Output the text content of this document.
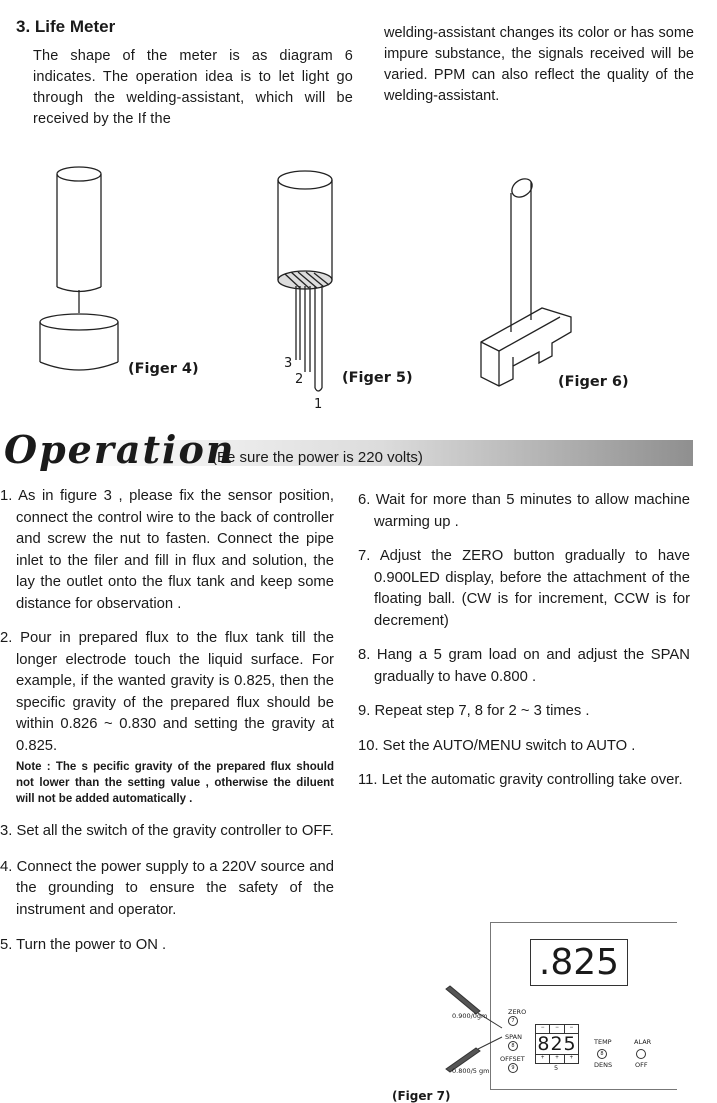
3. Life Meter
The shape of the meter is as diagram 6 indicates. The operation idea is to let light go through the welding-assistant, which will be received by the If the
welding-assistant changes its color or has some impure substance, the signals received will be varied. PPM can also reflect the quality of the welding-assistant.
(Figer 4)
(Figer 5)	(Figer 6)
3
2
1
Operation
(Be sure the power is 220 volts)

1. As in figure 3 , please fix the sensor position, connect the control wire to the back of controller and screw the nut to fasten. Connect the pipe inlet to the filer and fill in flux and solution, the lay the outlet onto the flux tank and keep some distance for observation .

2. Pour in prepared flux to the flux tank till the longer electrode touch the liquid surface. For example, if the wanted gravity is 0.825, then the specific gravity of the prepared flux should be within 0.826 ~ 0.830 and setting the gravity at 0.825.

Note : The s pecific gravity of the prepared flux should not lower than the setting value , otherwise the diluent will not be added automatically .

3. Set all the switch of the gravity controller to OFF.

4. Connect the power supply to a 220V source and the grounding to ensure the safety of the instrument and operator.

5. Turn the power to ON .

6. Wait for more than 5 minutes to allow machine warming up .

7. Adjust the ZERO button gradually to have 0.900LED display, before the attachment of the floating ball. (CW is for increment, CCW is for decrement)

8. Hang a 5 gram load on and adjust the SPAN gradually to have 0.800 .

9. Repeat step 7, 8 for 2 ~ 3 times .

10. Set the AUTO/MENU switch to AUTO .

11. Let the automatic gravity controlling take over.

.825
0.900/0gm
0.800/5 gm
ZERO
7
SPAN
8
OFFSET
9
−	−	−
825
+	+	+
5
TEMP
8
DENS
ALAR
OFF
(Figer 7)
